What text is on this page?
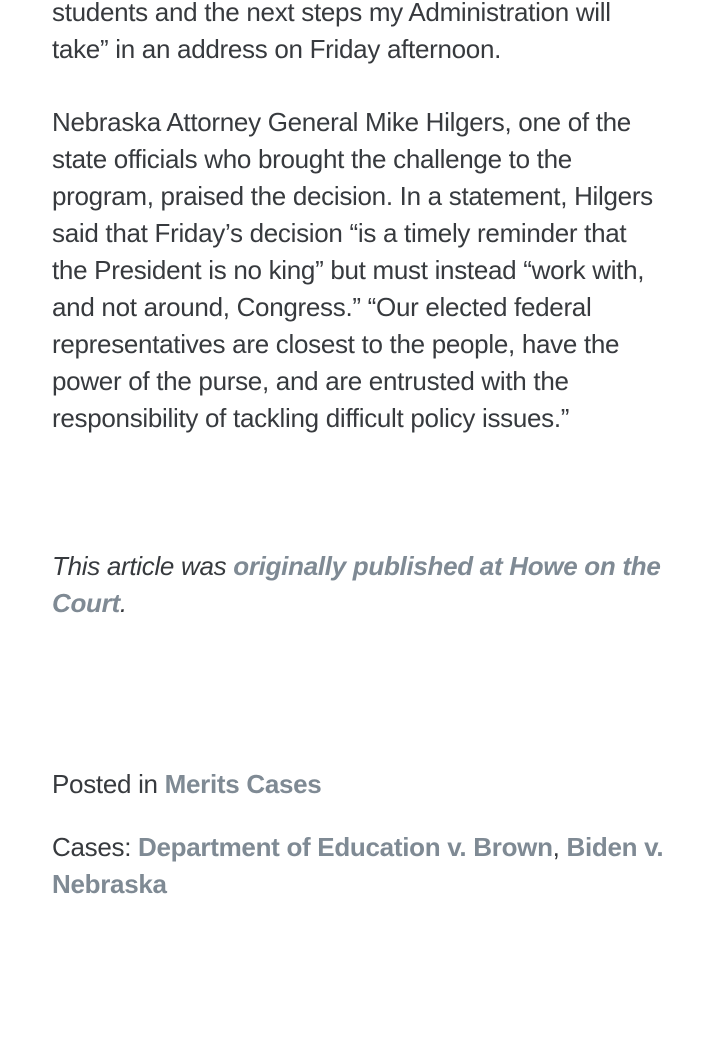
students and the next steps my Administration will take” in an address on Friday afternoon.

Nebraska Attorney General Mike Hilgers, one of the state officials who brought the challenge to the program, praised the decision. In a statement, Hilgers said that Friday’s decision “is a timely reminder that the President is no king” but must instead “work with, and not around, Congress.” “Our elected federal representatives are closest to the people, have the power of the purse, and are entrusted with the responsibility of tackling difficult policy issues.”

This article was originally published at Howe on the Court.

Posted in Merits Cases

Cases: Department of Education v. Brown, Biden v. Nebraska
